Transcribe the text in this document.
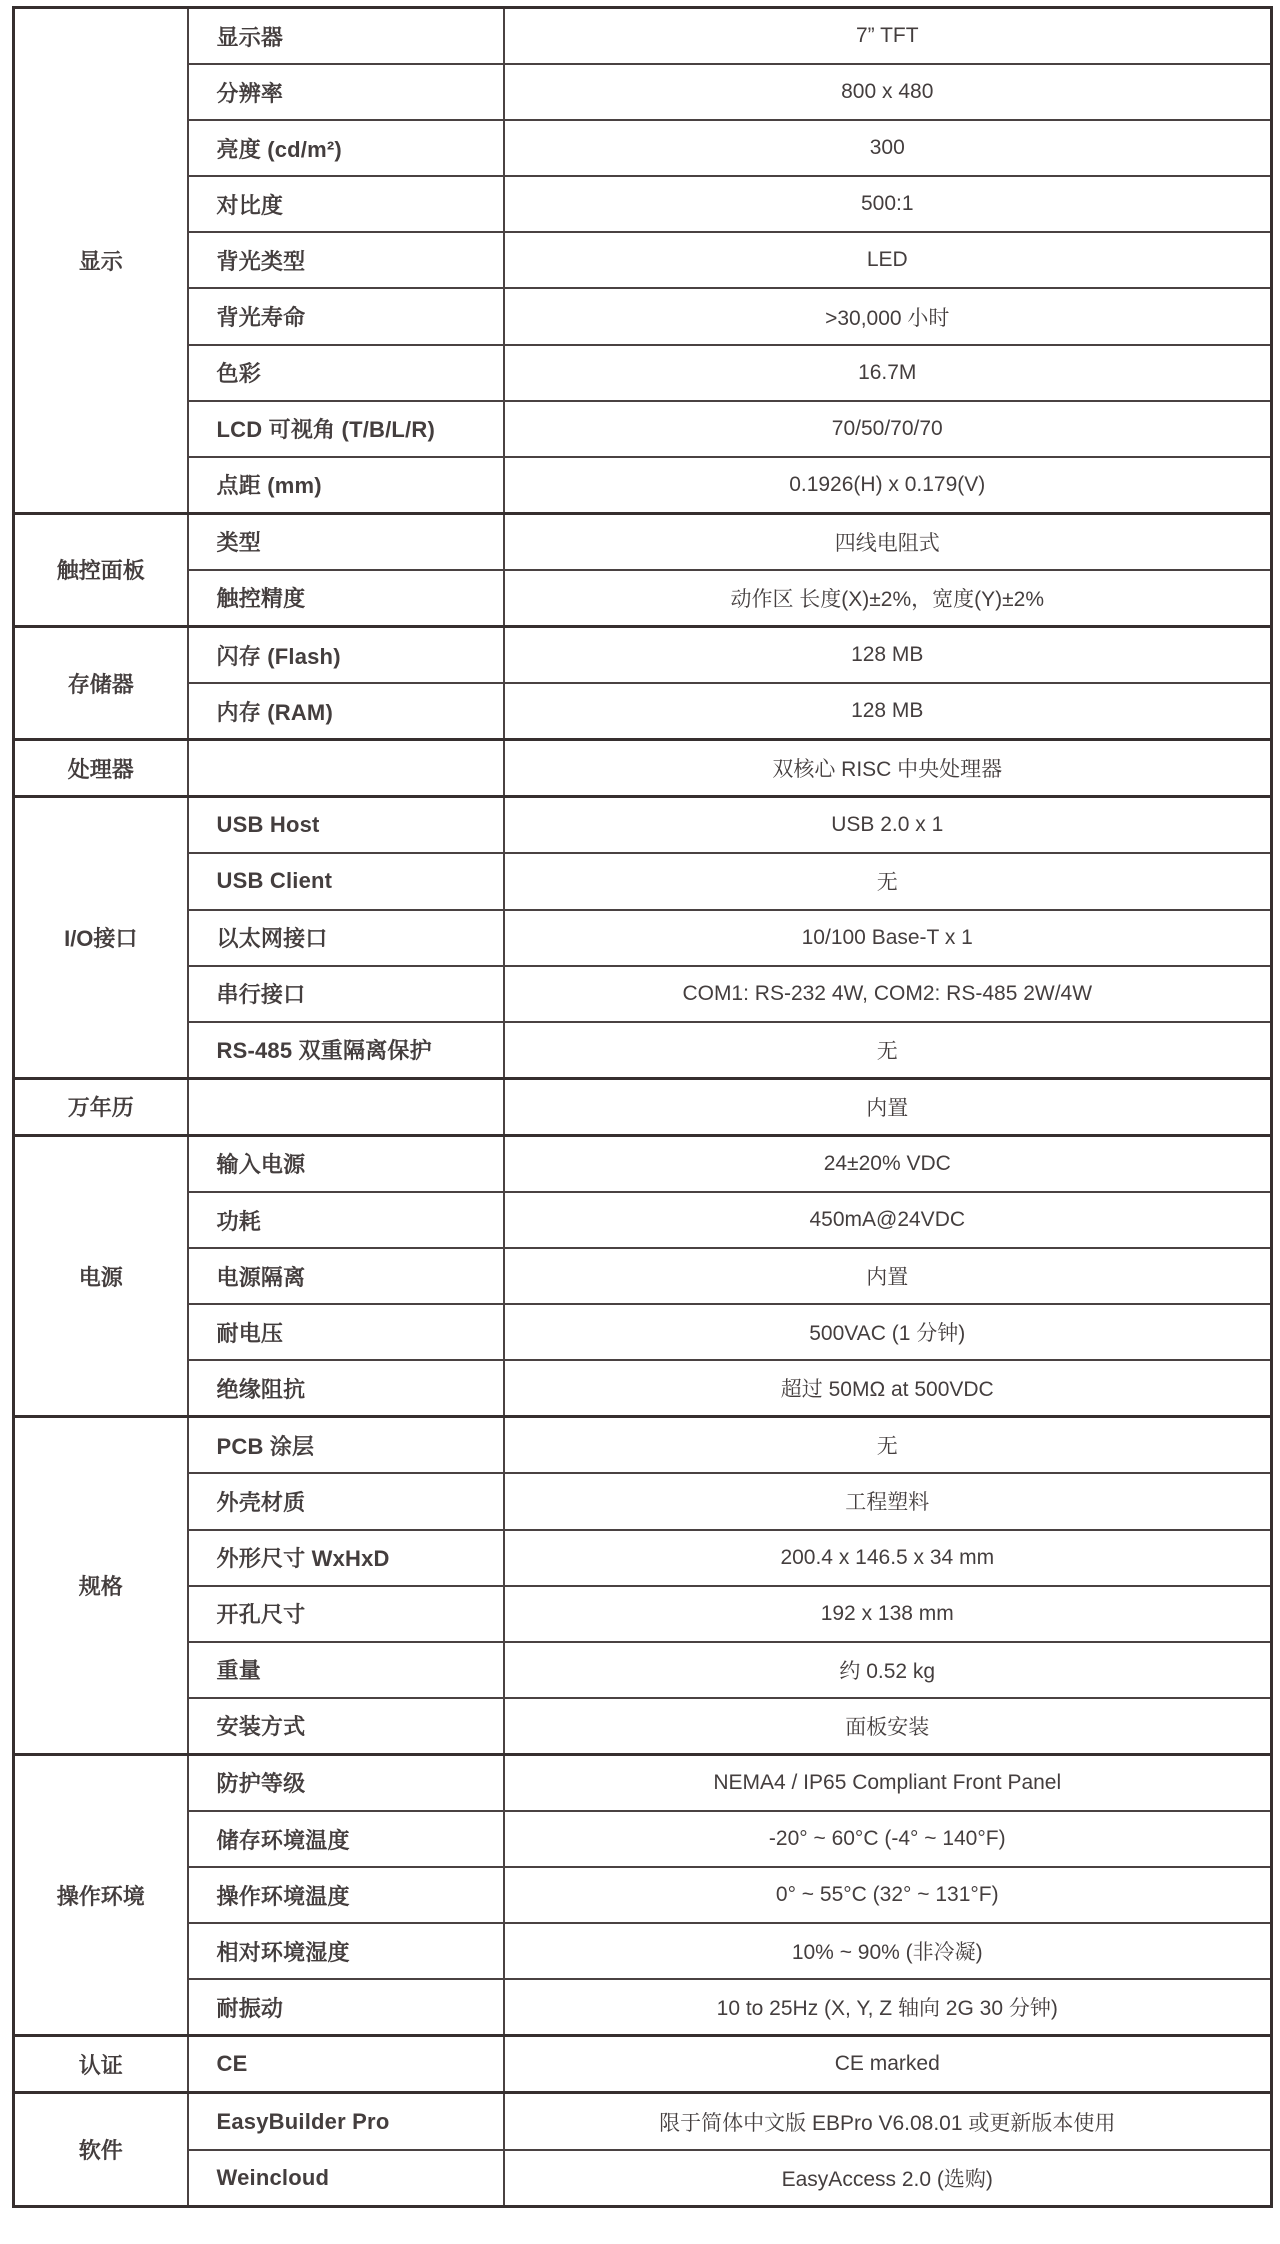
显示	显示器	7” TFT
	分辨率	800 x 480
	亮度 (cd/m²)	300
	对比度	500:1
	背光类型	LED
	背光寿命	>30,000 小时
	色彩	16.7M
	LCD 可视角 (T/B/L/R)	70/50/70/70
	点距 (mm)	0.1926(H) x 0.179(V)
触控面板	类型	四线电阻式
	触控精度	动作区 长度(X)±2%，宽度(Y)±2%
存储器	闪存 (Flash)	128 MB
	内存 (RAM)	128 MB
处理器		双核心 RISC 中央处理器
I/O接口	USB Host	USB 2.0 x 1
	USB Client	无
	以太网接口	10/100 Base-T x 1
	串行接口	COM1: RS-232 4W, COM2: RS-485 2W/4W
	RS-485 双重隔离保护	无
万年历		内置
电源	输入电源	24±20% VDC
	功耗	450mA@24VDC
	电源隔离	内置
	耐电压	500VAC (1 分钟)
	绝缘阻抗	超过 50MΩ at 500VDC
规格	PCB 涂层	无
	外壳材质	工程塑料
	外形尺寸 WxHxD	200.4 x 146.5 x 34 mm
	开孔尺寸	192 x 138 mm
	重量	约 0.52 kg
	安装方式	面板安装
操作环境	防护等级	NEMA4 / IP65 Compliant Front Panel
	储存环境温度	-20° ~ 60°C (-4° ~ 140°F)
	操作环境温度	0° ~ 55°C (32° ~ 131°F)
	相对环境湿度	10% ~ 90% (非冷凝)
	耐振动	10 to 25Hz (X, Y, Z 轴向 2G 30 分钟)
认证	CE	CE marked
软件	EasyBuilder Pro	限于简体中文版 EBPro V6.08.01 或更新版本使用
	Weincloud	EasyAccess 2.0 (选购)
